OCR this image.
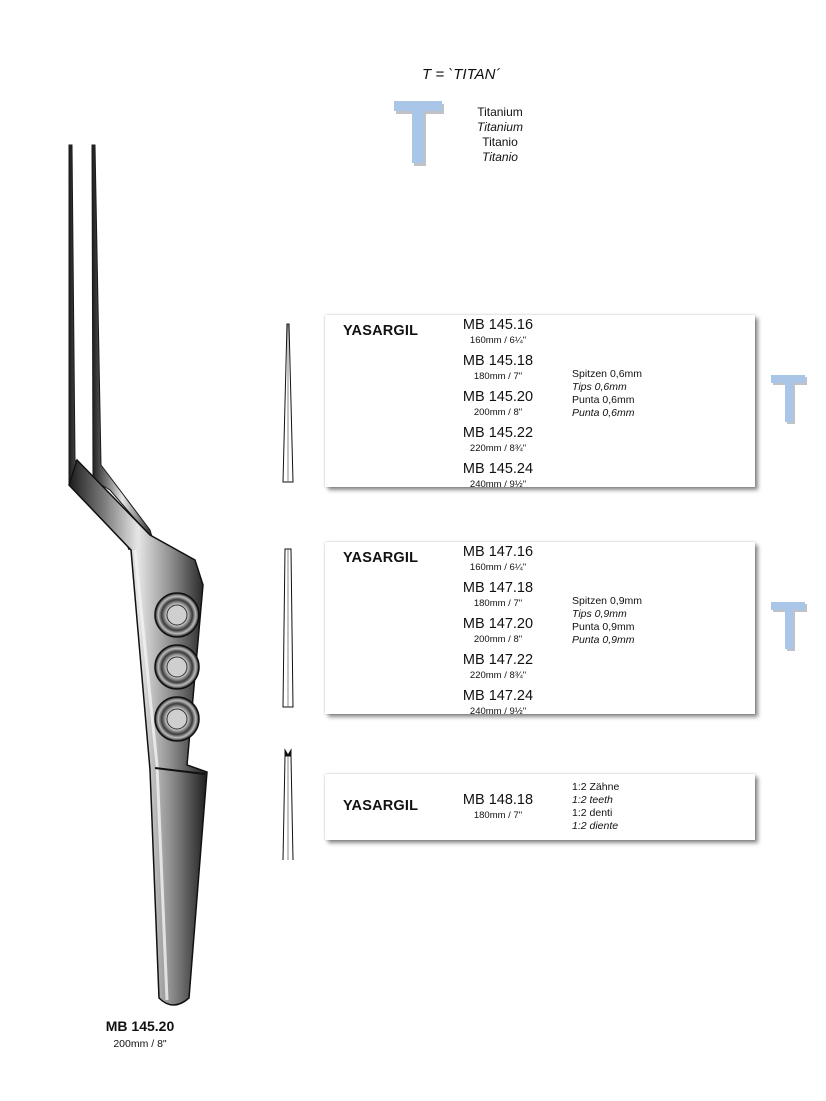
T = `TITAN´
Titanium
Titanium
Titanio
Titanio
MB 145.20
200mm / 8"
YASARGIL	MB 145.16
160mm / 6¼"
MB 145.18
180mm / 7"
MB 145.20
200mm / 8"
MB 145.22
220mm / 8¾"
MB 145.24
240mm / 9½"
Spitzen 0,6mm
Tips 0,6mm
Punta 0,6mm
Punta 0,6mm
YASARGIL	MB 147.16
160mm / 6¼"
MB 147.18
180mm / 7"
MB 147.20
200mm / 8"
MB 147.22
220mm / 8¾"
MB 147.24
240mm / 9½"
Spitzen 0,9mm
Tips 0,9mm
Punta 0,9mm
Punta 0,9mm
YASARGIL	MB 148.18
180mm / 7"
1:2 Zähne
1:2 teeth
1:2 denti
1:2 diente
